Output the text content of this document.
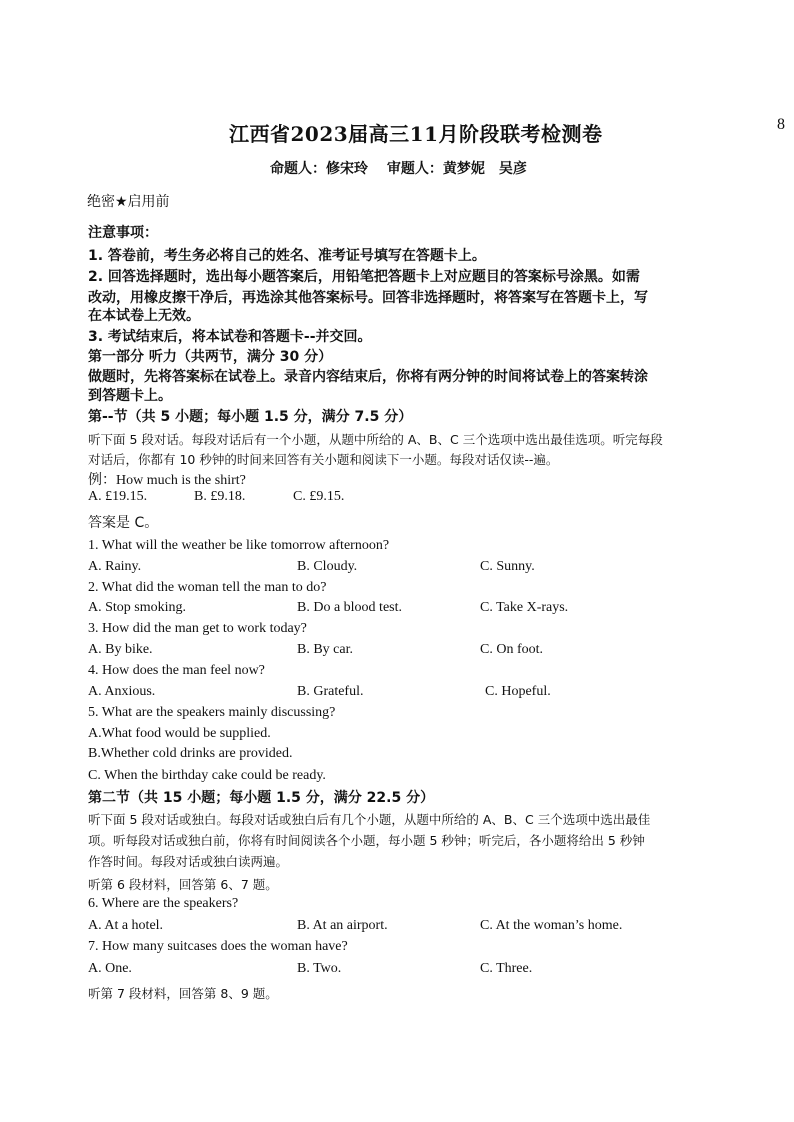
8
江西省2023届高三11月阶段联考检测卷
命题人：修宋玲　 审题人：黄梦妮　吴彦
绝密★启用前
注意事项：
1. 答卷前，考生务必将自己的姓名、准考证号填写在答题卡上。
2. 回答选择题时，选出每小题答案后，用铅笔把答题卡上对应题目的答案标号涂黑。如需
改动，用橡皮擦干净后，再选涂其他答案标号。回答非选择题时，将答案写在答题卡上，写
在本试卷上无效。
3. 考试结束后，将本试卷和答题卡--并交回。
第一部分 听力（共两节，满分 30 分）
做题时，先将答案标在试卷上。录音内容结束后，你将有两分钟的时间将试卷上的答案转涂
到答题卡上。
第--节（共 5 小题；每小题 1.5 分，满分 7.5 分）
听下面 5 段对话。每段对话后有一个小题，从题中所给的 A、B、C 三个选项中选出最佳选项。听完每段
对话后，你都有 10 秒钟的时间来回答有关小题和阅读下一小题。每段对话仅读--遍。
例：How much is the shirt?
A. £19.15.	B. £9.18.	C. £9.15.
答案是 C。
1. What will the weather be like tomorrow afternoon?
A. Rainy.	B. Cloudy.	C. Sunny.
2. What did the woman tell the man to do?
A. Stop smoking.	B. Do a blood test.	C. Take X-rays.
3. How did the man get to work today?
A. By bike.	B. By car.	C. On foot.
4. How does the man feel now?
A. Anxious.	B. Grateful.	C. Hopeful.
5. What are the speakers mainly discussing?
A.What food would be supplied.
B.Whether cold drinks are provided.
C. When the birthday cake could be ready.
第二节（共 15 小题；每小题 1.5 分，满分 22.5 分）
听下面 5 段对话或独白。每段对话或独白后有几个小题，从题中所给的 A、B、C 三个选项中选出最佳
项。听每段对话或独白前，你将有时间阅读各个小题，每小题 5 秒钟；听完后，各小题将给出 5 秒钟
作答时间。每段对话或独白读两遍。
听第 6 段材料，回答第 6、7 题。
6. Where are the speakers?
A. At a hotel.	B. At an airport.	C. At the woman’s home.
7. How many suitcases does the woman have?
A. One.	B. Two.	C. Three.
听第 7 段材料，回答第 8、9 题。
